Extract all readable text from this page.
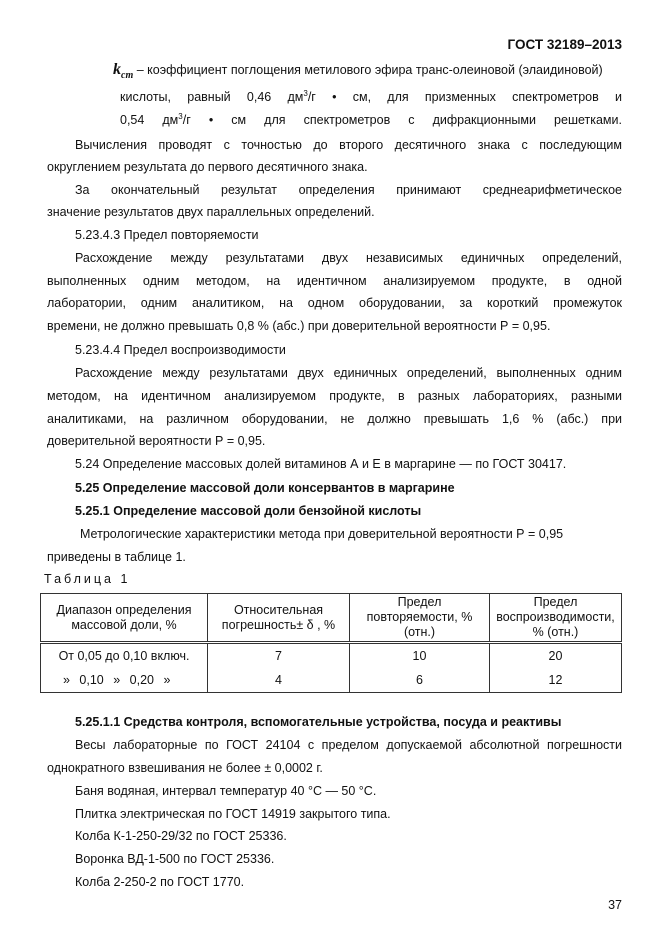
ГОСТ 32189–2013
$k_{ст}$ – коэффициент поглощения метилового эфира транс-олеиновой (элаидиновой)
кислоты, равный 0,46 $дм^3/г$ • см, для призменных спектрометров и
0,54 $дм^3/г$ • см для спектрометров с дифракционными решетками.
Вычисления проводят с точностью до второго десятичного знака с последующим
округлением результата до первого десятичного знака.
За окончательный результат определения принимают среднеарифметическое
значение результатов двух параллельных определений.
5.23.4.3 Предел повторяемости
Расхождение между результатами двух независимых единичных определений,
выполненных одним методом, на идентичном анализируемом продукте, в одной
лаборатории, одним аналитиком, на одном оборудовании, за короткий промежуток
времени, не должно превышать 0,8 % (абс.) при доверительной вероятности Р = 0,95.
5.23.4.4 Предел воспроизводимости
Расхождение между результатами двух единичных определений, выполненных одним
методом, на идентичном анализируемом продукте, в разных лабораториях, разными
аналитиками, на различном оборудовании, не должно превышать 1,6 % (абс.) при
доверительной вероятности Р = 0,95.
5.24 Определение массовых долей витаминов А и Е в маргарине — по ГОСТ 30417.
5.25 Определение массовой доли консервантов в маргарине
5.25.1 Определение массовой доли бензойной кислоты
Метрологические характеристики метода при доверительной вероятности Р = 0,95
приведены в таблице 1.
Таблица 1
Диапазон определения массовой доли, %	Относительная погрешность± δ , %	Предел повторяемости, % (отн.)	Предел воспроизводимости, % (отн.)
От 0,05 до 0,10 включ.	7	10	20
» 0,10 » 0,20 »	4	6	12
5.25.1.1 Средства контроля, вспомогательные устройства, посуда и реактивы
Весы лабораторные по ГОСТ 24104 с пределом допускаемой абсолютной погрешности
однократного взвешивания не более ± 0,0002 г.
Баня водяная, интервал температур 40 °С — 50 °С.
Плитка электрическая по ГОСТ 14919 закрытого типа.
Колба К-1-250-29/32 по ГОСТ 25336.
Воронка ВД-1-500 по ГОСТ 25336.
Колба 2-250-2 по ГОСТ 1770.
37
